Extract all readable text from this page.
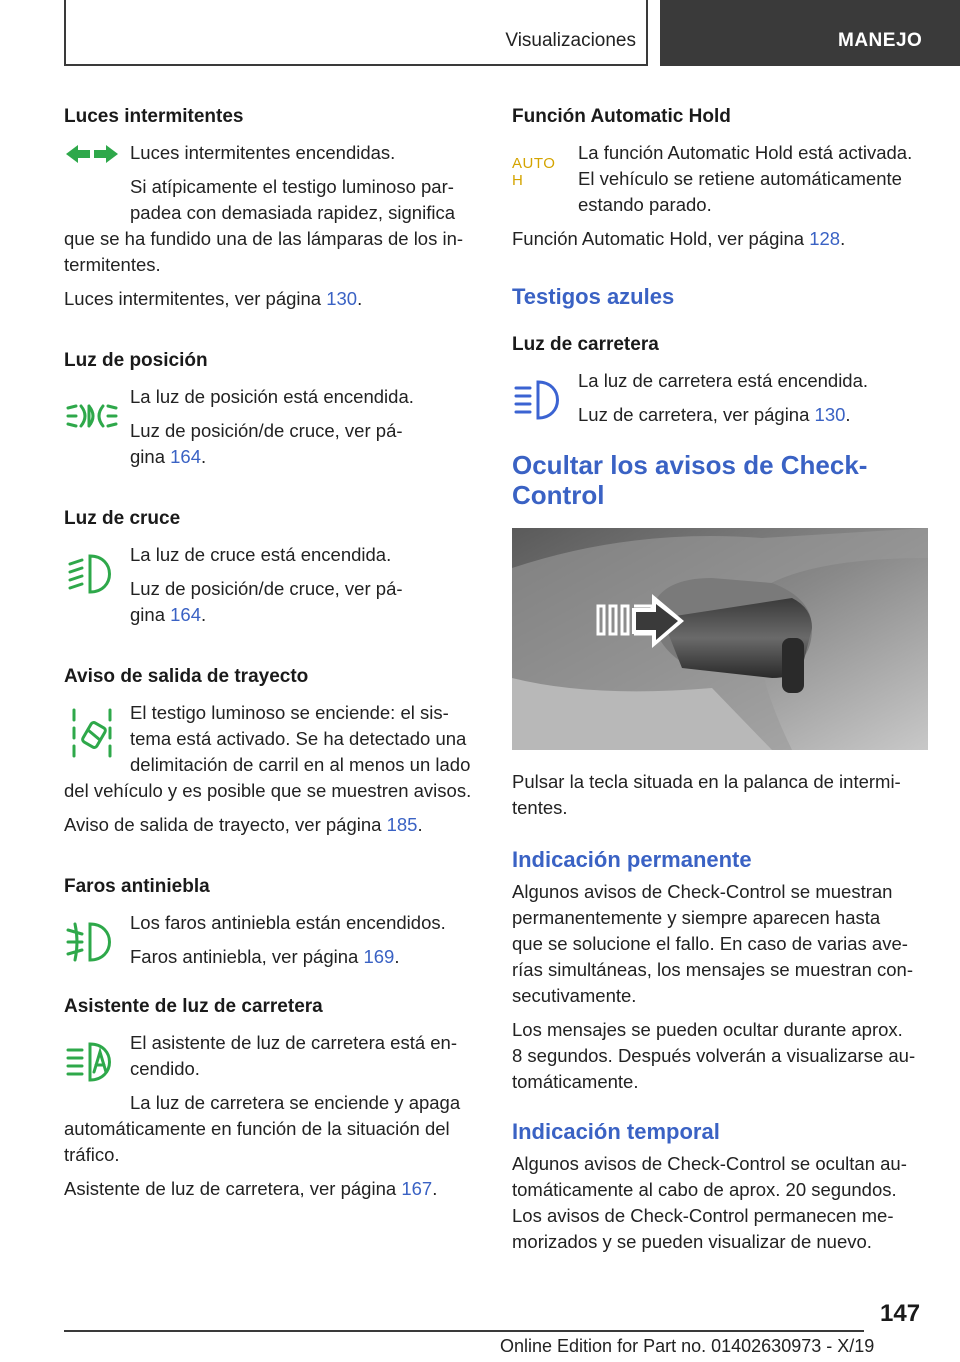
Visualizaciones	MANEJO
Luces intermitentes
Luces intermitentes encendidas.
Si atípicamente el testigo luminoso par-
padea con demasiada rapidez, significa
que se ha fundido una de las lámparas de los in-
termitentes.
Luces intermitentes, ver página 130.
Luz de posición
La luz de posición está encendida.
Luz de posición/de cruce, ver pá-
gina 164.
Luz de cruce
La luz de cruce está encendida.
Luz de posición/de cruce, ver pá-
gina 164.
Aviso de salida de trayecto
El testigo luminoso se enciende: el sis-
tema está activado. Se ha detectado una
delimitación de carril en al menos un lado
del vehículo y es posible que se muestren avisos.
Aviso de salida de trayecto, ver página 185.
Faros antiniebla
Los faros antiniebla están encendidos.
Faros antiniebla, ver página 169.
Asistente de luz de carretera
El asistente de luz de carretera está en-
cendido.
La luz de carretera se enciende y apaga
automáticamente en función de la situación del
tráfico.
Asistente de luz de carretera, ver página 167.
Función Automatic Hold
AUTO H
La función Automatic Hold está activada.
El vehículo se retiene automáticamente
estando parado.
Función Automatic Hold, ver página 128.
Testigos azules
Luz de carretera
La luz de carretera está encendida.
Luz de carretera, ver página 130.
Ocultar los avisos de Check-
Control
Pulsar la tecla situada en la palanca de intermi-
tentes.
Indicación permanente
Algunos avisos de Check-Control se muestran
permanentemente y siempre aparecen hasta
que se solucione el fallo. En caso de varias ave-
rías simultáneas, los mensajes se muestran con-
secutivamente.
Los mensajes se pueden ocultar durante aprox.
8 segundos. Después volverán a visualizarse au-
tomáticamente.
Indicación temporal
Algunos avisos de Check-Control se ocultan au-
tomáticamente al cabo de aprox. 20 segundos.
Los avisos de Check-Control permanecen me-
morizados y se pueden visualizar de nuevo.
147
Online Edition for Part no. 01402630973 - X/19
